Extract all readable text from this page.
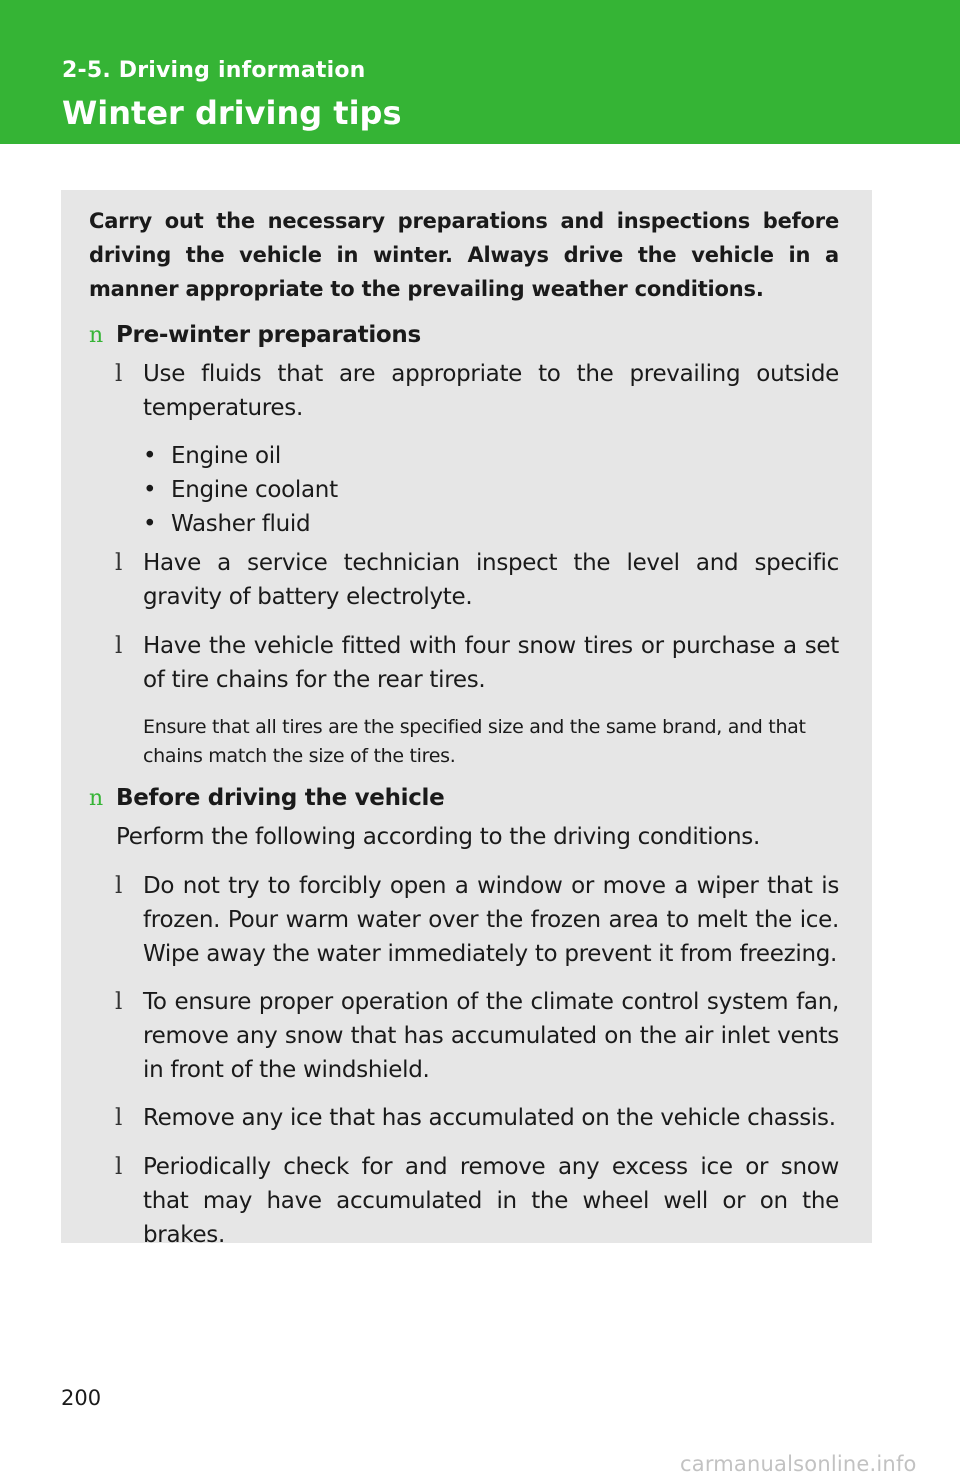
2-5. Driving information

Winter driving tips

Carry out the necessary preparations and inspections before driving the vehicle in winter. Always drive the vehicle in a manner appropriate to the prevailing weather conditions.

n Pre-winter preparations

l Use fluids that are appropriate to the prevailing outside temperatures.

• Engine oil

• Engine coolant

• Washer fluid

l Have a service technician inspect the level and specific gravity of battery electrolyte.

l Have the vehicle fitted with four snow tires or purchase a set of tire chains for the rear tires.

Ensure that all tires are the specified size and the same brand, and that chains match the size of the tires.

n Before driving the vehicle

Perform the following according to the driving conditions.

l Do not try to forcibly open a window or move a wiper that is frozen. Pour warm water over the frozen area to melt the ice. Wipe away the water immediately to prevent it from freezing.

l To ensure proper operation of the climate control system fan, remove any snow that has accumulated on the air inlet vents in front of the windshield.

l Remove any ice that has accumulated on the vehicle chassis.

l Periodically check for and remove any excess ice or snow that may have accumulated in the wheel well or on the brakes.

200

carmanualsonline.info
